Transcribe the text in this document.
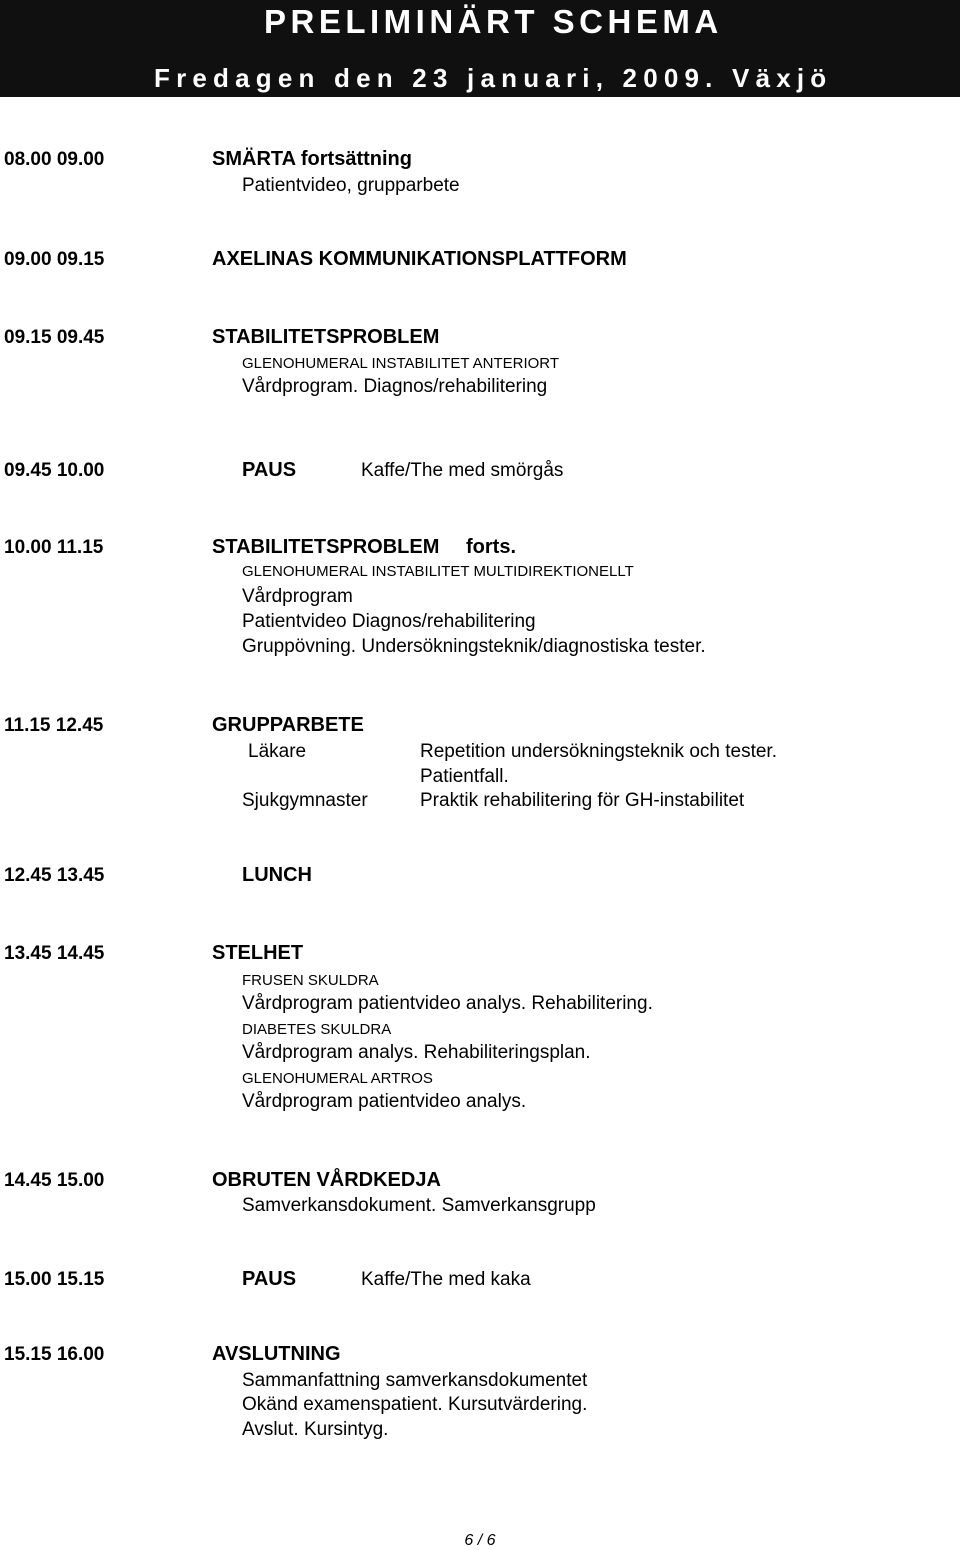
PRELIMINÄRT SCHEMA
Fredagen den 23 januari, 2009. Växjö
08.00 09.00	SMÄRTA fortsättning
Patientvideo, grupparbete
09.00 09.15	AXELINAS KOMMUNIKATIONSPLATTFORM
09.15 09.45	STABILITETSPROBLEM
GLENOHUMERAL INSTABILITET ANTERIORT
Vårdprogram. Diagnos/rehabilitering
09.45 10.00	PAUS	Kaffe/The med smörgås
10.00 11.15	STABILITETSPROBLEM forts.
GLENOHUMERAL INSTABILITET MULTIDIREKTIONELLT
Vårdprogram
Patientvideo Diagnos/rehabilitering
Gruppövning. Undersökningsteknik/diagnostiska tester.
11.15 12.45	GRUPPARBETE
Läkare	Repetition undersökningsteknik och tester.
Patientfall.
Sjukgymnaster	Praktik rehabilitering för GH-instabilitet
12.45 13.45	LUNCH
13.45 14.45	STELHET
FRUSEN SKULDRA
Vårdprogram patientvideo analys. Rehabilitering.
DIABETES SKULDRA
Vårdprogram analys. Rehabiliteringsplan.
GLENOHUMERAL ARTROS
Vårdprogram patientvideo analys.
14.45 15.00	OBRUTEN VÅRDKEDJA
Samverkansdokument. Samverkansgrupp
15.00 15.15	PAUS	Kaffe/The med kaka
15.15 16.00	AVSLUTNING
Sammanfattning samverkansdokumentet
Okänd examenspatient. Kursutvärdering.
Avslut. Kursintyg.
6 / 6
